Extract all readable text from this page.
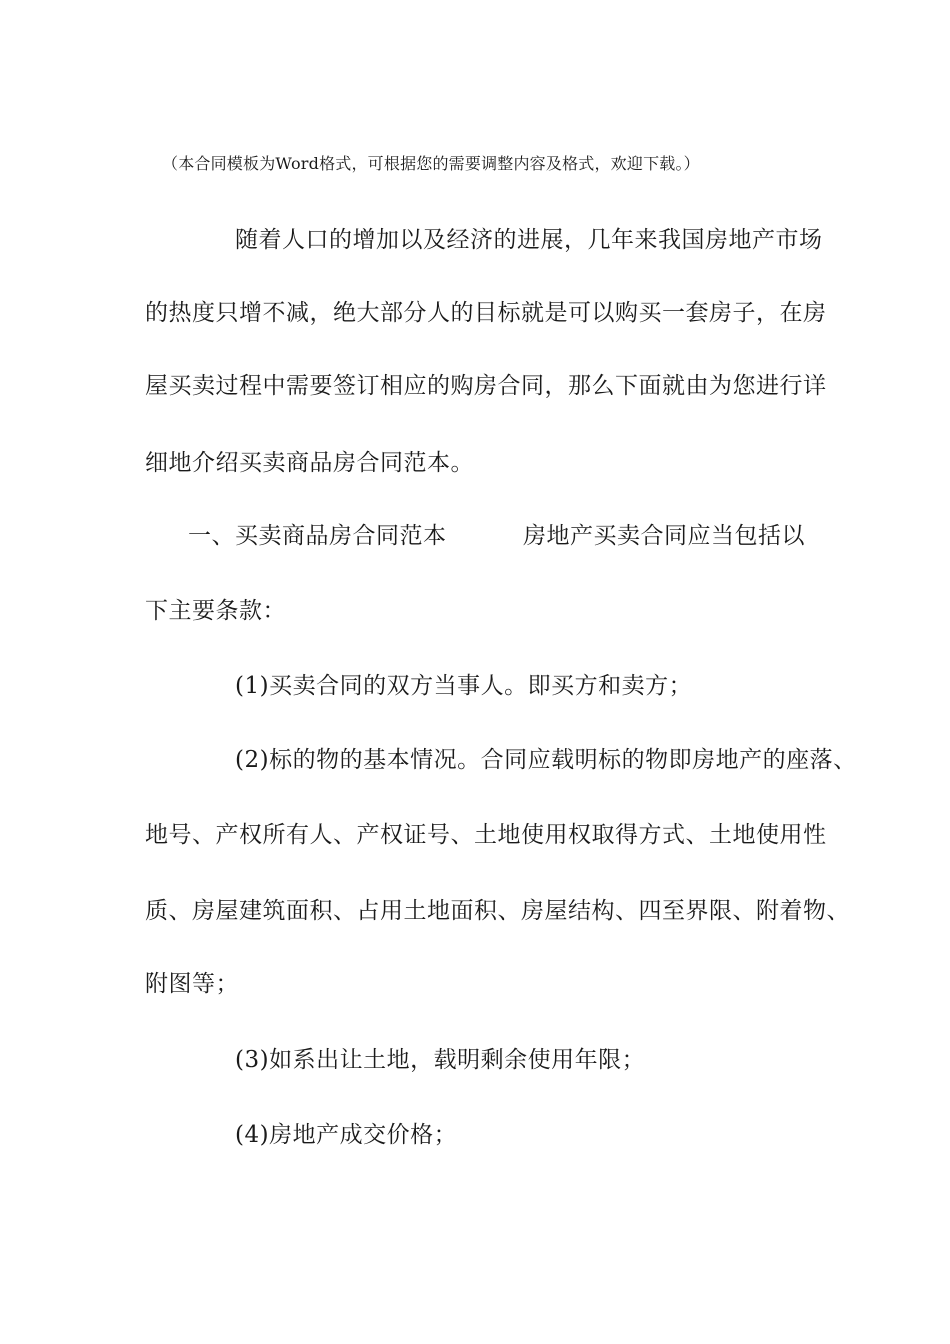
（本合同模板为Word格式，可根据您的需要调整内容及格式，欢迎下载。）
随着人口的增加以及经济的进展，几年来我国房地产市场
的热度只增不减，绝大部分人的目标就是可以购买一套房子，在房
屋买卖过程中需要签订相应的购房合同，那么下面就由为您进行详
细地介绍买卖商品房合同范本。
一、买卖商品房合同范本	房地产买卖合同应当包括以
下主要条款：
(1)买卖合同的双方当事人。即买方和卖方；
(2)标的物的基本情况。合同应载明标的物即房地产的座落、
地号、产权所有人、产权证号、土地使用权取得方式、土地使用性
质、房屋建筑面积、占用土地面积、房屋结构、四至界限、附着物、
附图等；
(3)如系出让土地，载明剩余使用年限；
(4)房地产成交价格；
